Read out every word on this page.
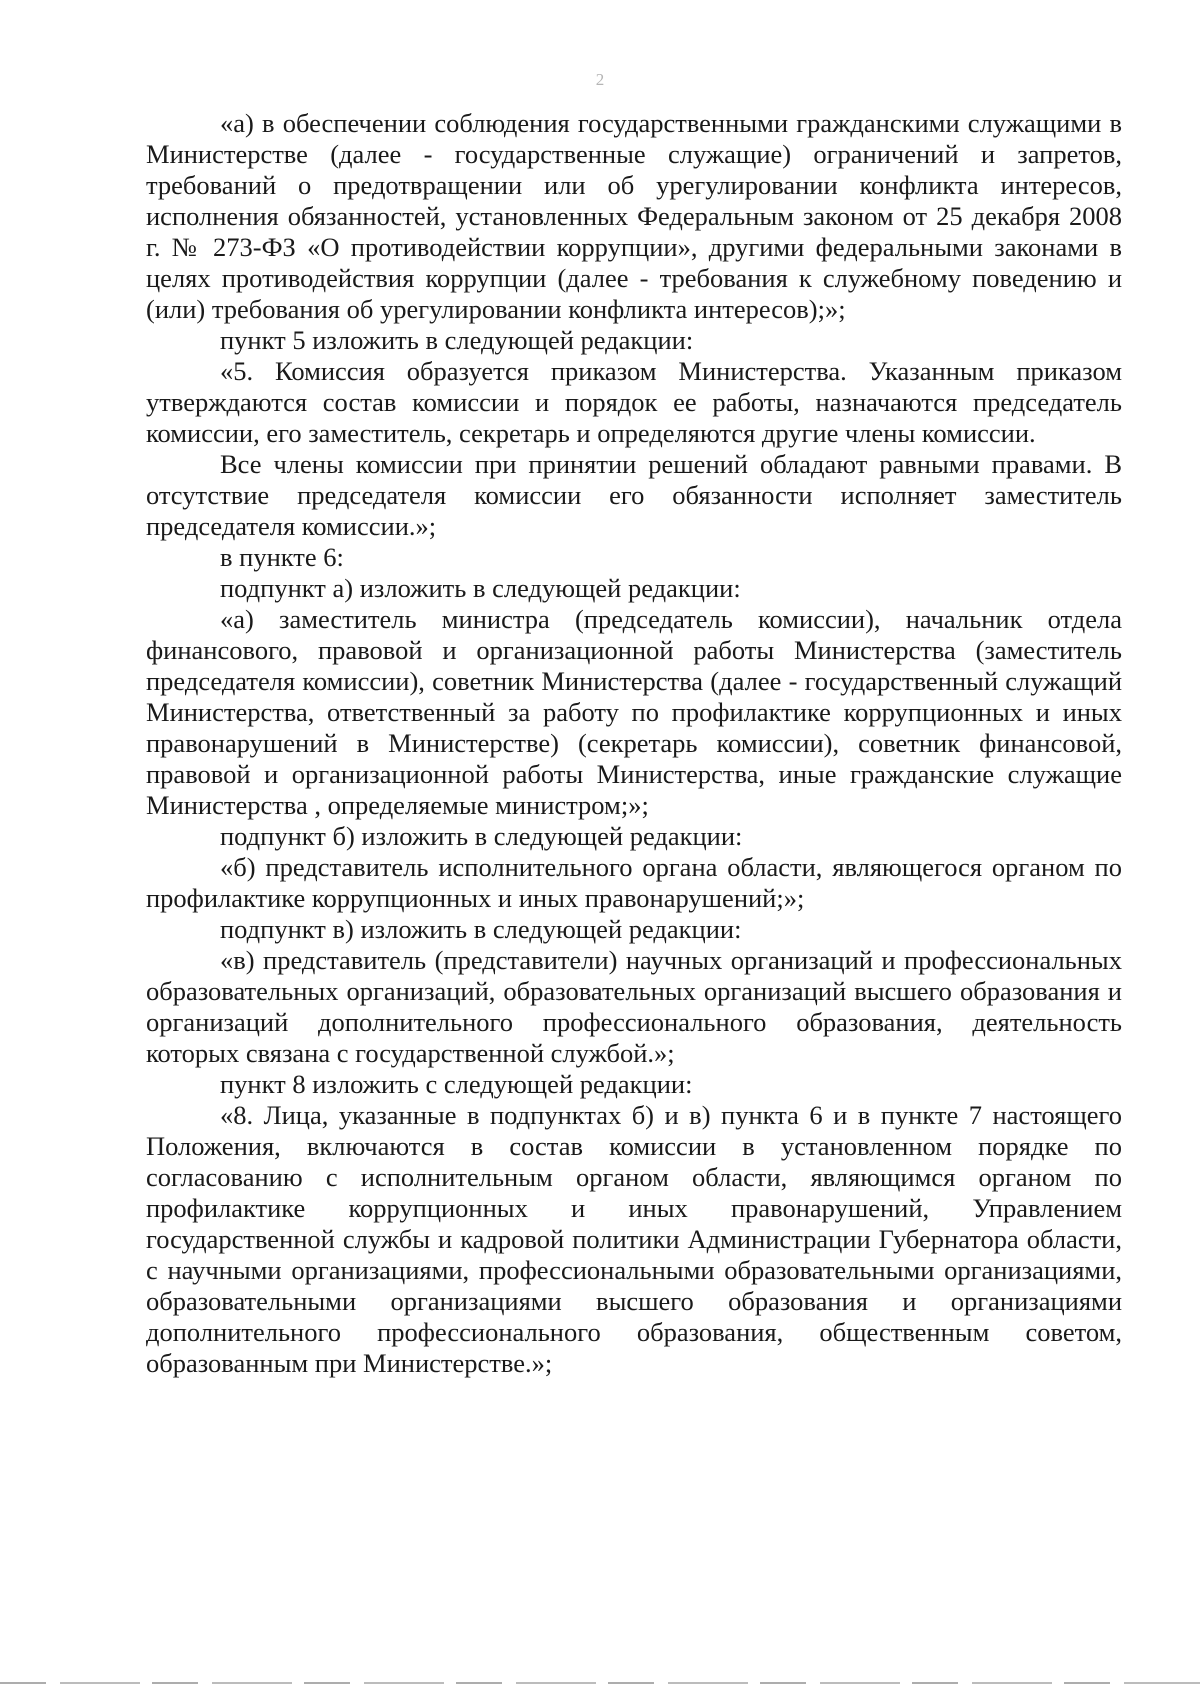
2

«а) в обеспечении соблюдения государственными гражданскими служащими в Министерстве (далее - государственные служащие) ограничений и запретов, требований о предотвращении или об урегулировании конфликта интересов, исполнения обязанностей, установленных Федеральным законом от 25 декабря 2008 г. № 273-ФЗ «О противодействии коррупции», другими федеральными законами в целях противодействия коррупции (далее - требования к служебному поведению и (или) требования об урегулировании конфликта интересов);»;

пункт 5 изложить в следующей редакции:

«5. Комиссия образуется приказом Министерства. Указанным приказом утверждаются состав комиссии и порядок ее работы, назначаются председатель комиссии, его заместитель, секретарь и определяются другие члены комиссии.

Все члены комиссии при принятии решений обладают равными правами. В отсутствие председателя комиссии его обязанности исполняет заместитель председателя комиссии.»;

в пункте 6:

подпункт а) изложить в следующей редакции:

«а) заместитель министра (председатель комиссии), начальник отдела финансового, правовой и организационной работы Министерства (заместитель председателя комиссии), советник Министерства (далее - государственный служащий Министерства, ответственный за работу по профилактике коррупционных и иных правонарушений в Министерстве) (секретарь комиссии), советник финансовой, правовой и организационной работы Министерства, иные гражданские служащие Министерства , определяемые министром;»;

подпункт б) изложить в следующей редакции:

«б) представитель исполнительного органа области, являющегося органом по профилактике коррупционных и иных правонарушений;»;

подпункт в) изложить в следующей редакции:

«в) представитель (представители) научных организаций и профессиональных образовательных организаций, образовательных организаций высшего образования и организаций дополнительного профессионального образования, деятельность которых связана с государственной службой.»;

пункт 8 изложить с следующей редакции:

«8. Лица, указанные в подпунктах б) и в) пункта 6 и в пункте 7 настоящего Положения, включаются в состав комиссии в установленном порядке по согласованию с исполнительным органом области, являющимся органом по профилактике коррупционных и иных правонарушений, Управлением государственной службы и кадровой политики Администрации Губернатора области, с научными организациями, профессиональными образовательными организациями, образовательными организациями высшего образования и организациями дополнительного профессионального образования, общественным советом, образованным при Министерстве.»;
